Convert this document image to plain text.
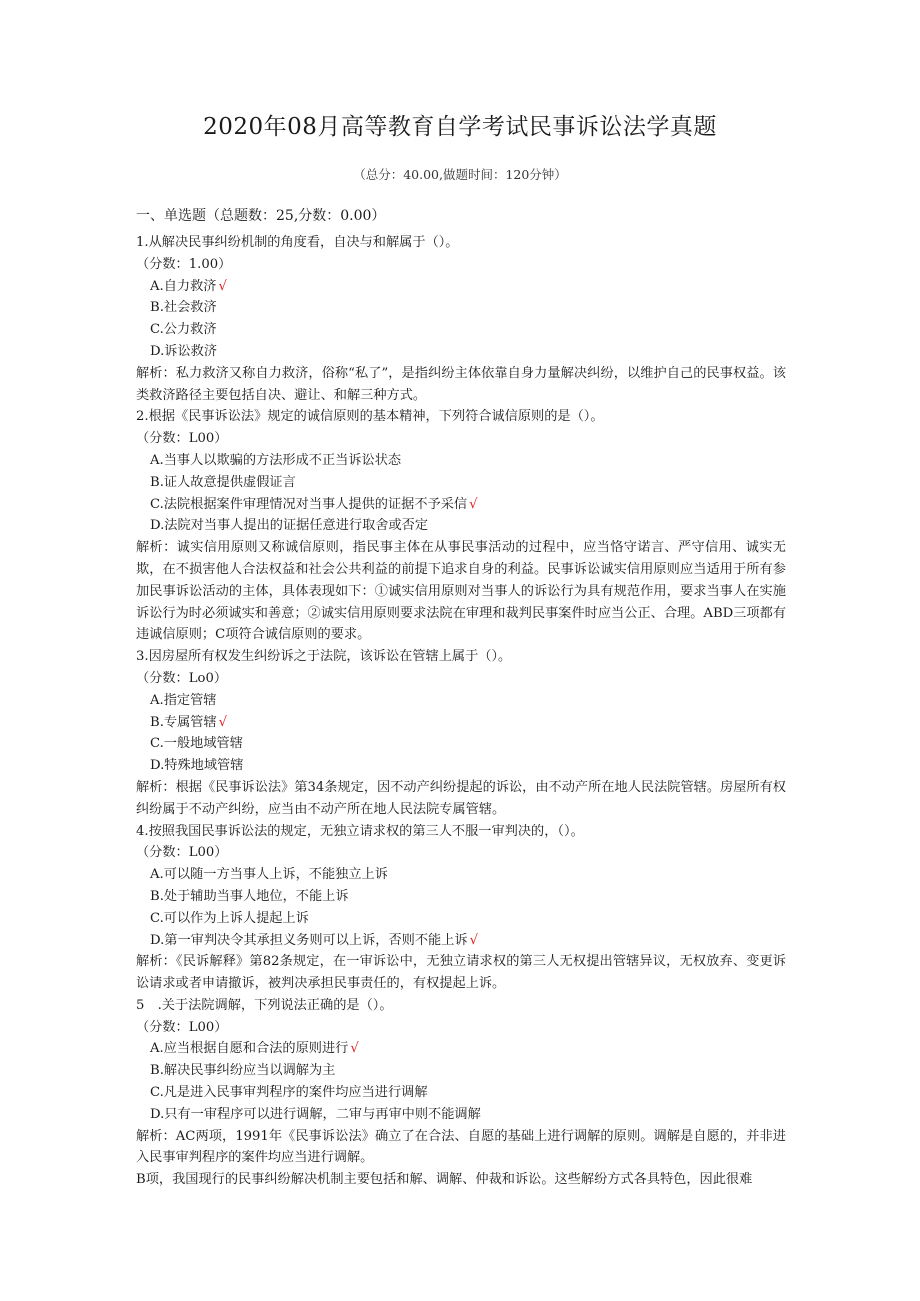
2020年08月高等教育自学考试民事诉讼法学真题
（总分：40.00,做题时间：120分钟）
一、单选题（总题数：25,分数：0.00）

1.从解决民事纠纷机制的角度看，自决与和解属于（）。

（分数：1.00）

A.自力救济 √
B.社会救济
C.公力救济
D.诉讼救济

解析：私力救济又称自力救济，俗称“私了”，是指纠纷主体依靠自身力量解决纠纷，以维护自己的民事权益。该类救济路径主要包括自决、避让、和解三种方式。

2.根据《民事诉讼法》规定的诚信原则的基本精神，下列符合诚信原则的是（）。

（分数：L00）

A.当事人以欺骗的方法形成不正当诉讼状态
B.证人故意提供虚假证言
C.法院根据案件审理情况对当事人提供的证据不予采信 √
D.法院对当事人提出的证据任意进行取舍或否定

解析：诚实信用原则又称诚信原则，指民事主体在从事民事活动的过程中，应当恪守诺言、严守信用、诚实无欺，在不损害他人合法权益和社会公共利益的前提下追求自身的利益。民事诉讼诚实信用原则应当适用于所有参加民事诉讼活动的主体，具体表现如下：①诚实信用原则对当事人的诉讼行为具有规范作用，要求当事人在实施诉讼行为时必须诚实和善意；②诚实信用原则要求法院在审理和裁判民事案件时应当公正、合理。ABD三项都有违诚信原则；C项符合诚信原则的要求。

3.因房屋所有权发生纠纷诉之于法院，该诉讼在管辖上属于（）。

（分数：Lo0）

A.指定管辖
B.专属管辖 √
C.一般地域管辖
D.特殊地域管辖

解析：根据《民事诉讼法》第34条规定，因不动产纠纷提起的诉讼，由不动产所在地人民法院管辖。房屋所有权纠纷属于不动产纠纷，应当由不动产所在地人民法院专属管辖。

4.按照我国民事诉讼法的规定，无独立请求权的第三人不服一审判决的，（）。

（分数：L00）

A.可以随一方当事人上诉，不能独立上诉
B.处于辅助当事人地位，不能上诉
C.可以作为上诉人提起上诉
D.第一审判决令其承担义务则可以上诉，否则不能上诉 √

解析：《民诉解释》第82条规定，在一审诉讼中，无独立请求权的第三人无权提出管辖异议，无权放弃、变更诉讼请求或者申请撤诉，被判决承担民事责任的，有权提起上诉。

5　.关于法院调解，下列说法正确的是（）。

（分数：L00）

A.应当根据自愿和合法的原则进行 √
B.解决民事纠纷应当以调解为主
C.凡是进入民事审判程序的案件均应当进行调解
D.只有一审程序可以进行调解，二审与再审中则不能调解

解析：AC两项，1991年《民事诉讼法》确立了在合法、自愿的基础上进行调解的原则。调解是自愿的，并非进入民事审判程序的案件均应当进行调解。

B项，我国现行的民事纠纷解决机制主要包括和解、调解、仲裁和诉讼。这些解纷方式各具特色，因此很难
